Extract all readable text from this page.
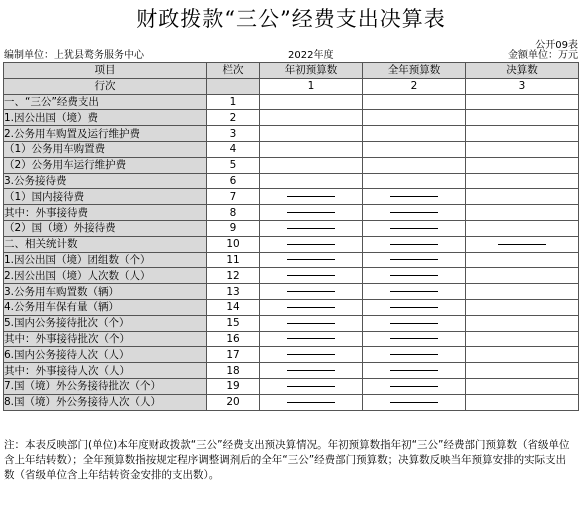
财政拨款“三公”经费支出决算表
公开09表
编制单位：上犹县鹜务服务中心	2022年度	金额单位：万元
项目	栏次	年初预算数	全年预算数	决算数
行次		1	2	3
一、“三公”经费支出	1			
1.因公出国（境）费	2			
2.公务用车购置及运行维护费	3			
（1）公务用车购置费	4			
（2）公务用车运行维护费	5			
3.公务接待费	6			
（1）国内接待费	7			
其中：外事接待费	8			
（2）国（境）外接待费	9			
二、相关统计数	10			
1.因公出国（境）团组数（个）	11			
2.因公出国（境）人次数（人）	12			
3.公务用车购置数（辆）	13			
4.公务用车保有量（辆）	14			
5.国内公务接待批次（个）	15			
其中：外事接待批次（个）	16			
6.国内公务接待人次（人）	17			
其中：外事接待人次（人）	18			
7.国（境）外公务接待批次（个）	19			
8.国（境）外公务接待人次（人）	20			
注：本表反映部门(单位)本年度财政拨款“三公”经费支出预决算情况。年初预算数指年初“三公”经费部门预算数（省级单位含上年结转数）；全年预算数指按规定程序调整调剂后的全年“三公”经费部门预算数；决算数反映当年预算安排的实际支出数（省级单位含上年结转资金安排的支出数）。
